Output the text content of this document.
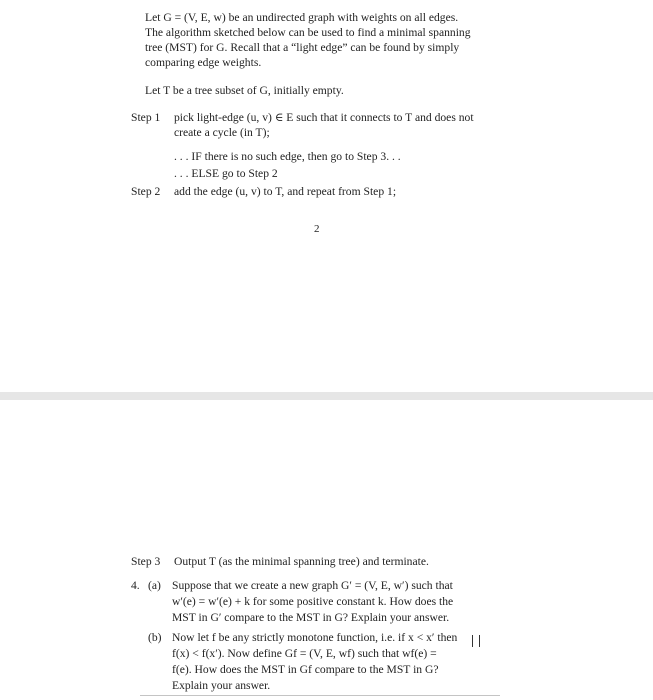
Let G = (V, E, w) be an undirected graph with weights on all edges.
The algorithm sketched below can be used to find a minimal spanning
tree (MST) for G. Recall that a “light edge” can be found by simply
comparing edge weights.
Let T be a tree subset of G, initially empty.
Step 1 pick light-edge (u, v) ∈ E such that it connects to T and does not
create a cycle (in T);
. . . IF there is no such edge, then go to Step 3. . .
. . . ELSE go to Step 2
Step 2 add the edge (u, v) to T, and repeat from Step 1;
2
Step 3 Output T (as the minimal spanning tree) and terminate.
4. (a) Suppose that we create a new graph G′ = (V, E, w′) such that
w′(e) = w′(e) + k for some positive constant k. How does the
MST in G′ compare to the MST in G? Explain your answer.
(b) Now let f be any strictly monotone function, i.e. if x < x′ then
f(x) < f(x′). Now define Gf = (V, E, wf) such that wf(e) =
f(e). How does the MST in Gf compare to the MST in G?
Explain your answer.
